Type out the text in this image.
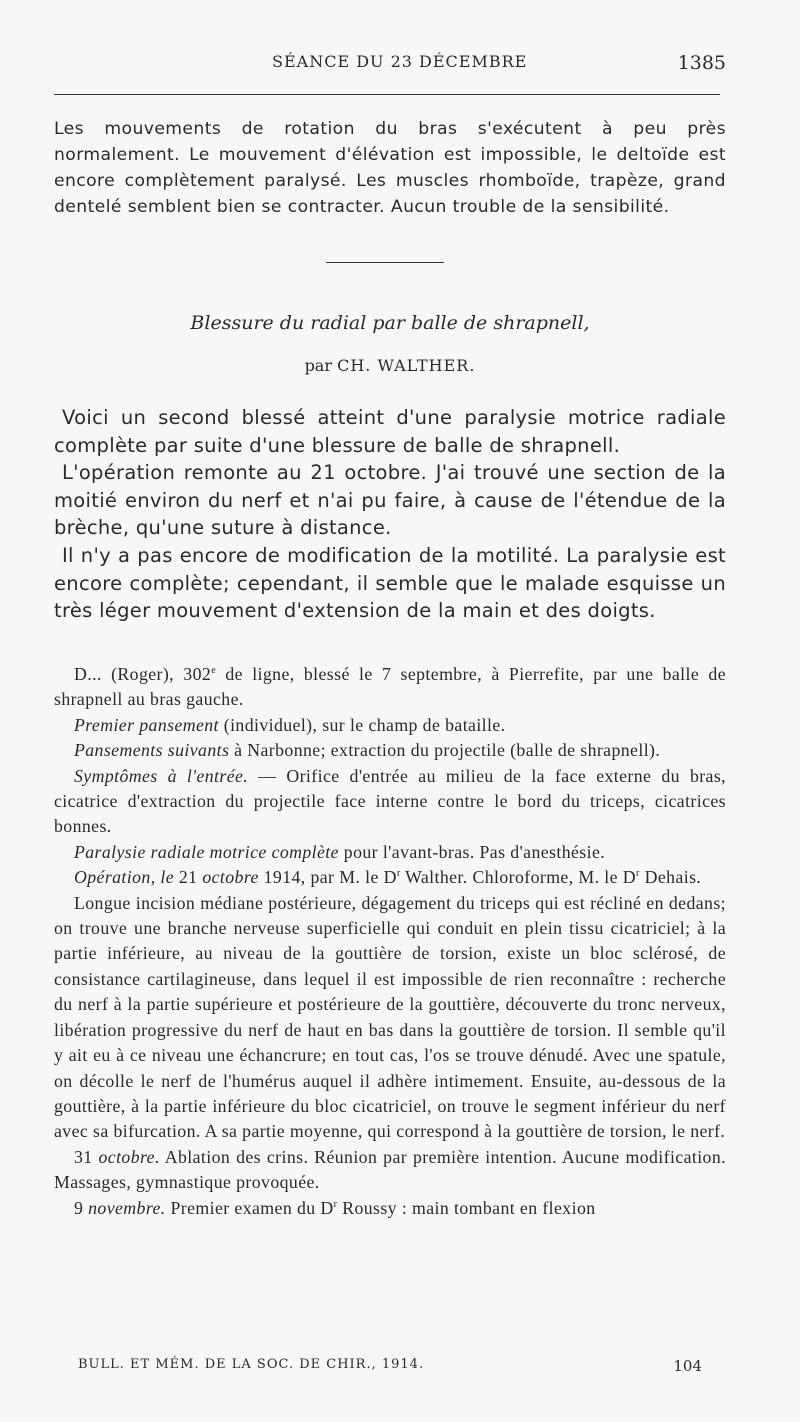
SÉANCE DU 23 DÉCEMBRE	1385

Les mouvements de rotation du bras s'exécutent à peu près normalement. Le mouvement d'élévation est impossible, le deltoïde est encore complètement paralysé. Les muscles rhomboïde, trapèze, grand dentelé semblent bien se contracter. Aucun trouble de la sensibilité.

Blessure du radial par balle de shrapnell,
par CH. WALTHER.

Voici un second blessé atteint d'une paralysie motrice radiale complète par suite d'une blessure de balle de shrapnell.

L'opération remonte au 21 octobre. J'ai trouvé une section de la moitié environ du nerf et n'ai pu faire, à cause de l'étendue de la brèche, qu'une suture à distance.

Il n'y a pas encore de modification de la motilité. La paralysie est encore complète; cependant, il semble que le malade esquisse un très léger mouvement d'extension de la main et des doigts.

D... (Roger), 302e de ligne, blessé le 7 septembre, à Pierrefite, par une balle de shrapnell au bras gauche.

Premier pansement (individuel), sur le champ de bataille.

Pansements suivants à Narbonne; extraction du projectile (balle de shrapnell).

Symptômes à l'entrée. — Orifice d'entrée au milieu de la face externe du bras, cicatrice d'extraction du projectile face interne contre le bord du triceps, cicatrices bonnes.

Paralysie radiale motrice complète pour l'avant-bras. Pas d'anesthésie.

Opération, le 21 octobre 1914, par M. le $D^r$ Walther. Chloroforme, M. le $D^r$ Dehais.

Longue incision médiane postérieure, dégagement du triceps qui est récliné en dedans; on trouve une branche nerveuse superficielle qui conduit en plein tissu cicatriciel; à la partie inférieure, au niveau de la gouttière de torsion, existe un bloc sclérosé, de consistance cartilagineuse, dans lequel il est impossible de rien reconnaître : recherche du nerf à la partie supérieure et postérieure de la gouttière, découverte du tronc nerveux, libération progressive du nerf de haut en bas dans la gouttière de torsion. Il semble qu'il y ait eu à ce niveau une échancrure; en tout cas, l'os se trouve dénudé. Avec une spatule, on décolle le nerf de l'humérus auquel il adhère intimement. Ensuite, au-dessous de la gouttière, à la partie inférieure du bloc cicatriciel, on trouve le segment inférieur du nerf avec sa bifurcation. A sa partie moyenne, qui correspond à la gouttière de torsion, le nerf.

31 octobre. Ablation des crins. Réunion par première intention. Aucune modification. Massages, gymnastique provoquée.

9 novembre. Premier examen du $D^r$ Roussy : main tombant en flexion

BULL. ET MÉM. DE LA SOC. DE CHIR., 1914.	104
